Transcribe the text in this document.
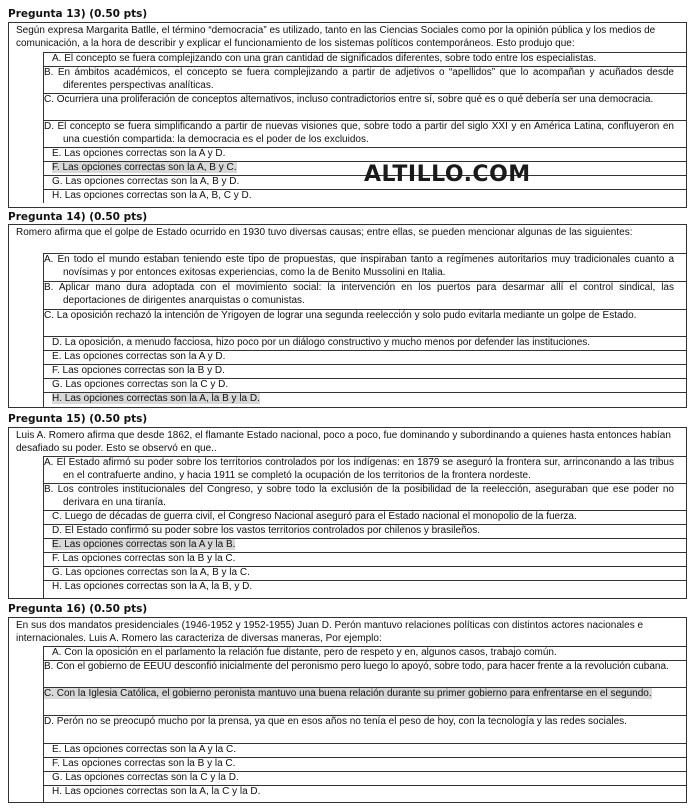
Pregunta 13) (0.50 pts)
Según expresa Margarita Batlle, el término “democracia” es utilizado, tanto en las Ciencias Sociales como por la opinión pública y los medios de comunicación, a la hora de describir y explicar el funcionamiento de los sistemas políticos contemporáneos. Esto produjo que:
A. El concepto se fuera complejizando con una gran cantidad de significados diferentes, sobre todo entre los especialistas.
B. En ámbitos académicos, el concepto se fuera complejizando a partir de adjetivos o “apellidos” que lo acompañan y acuñados desde diferentes perspectivas analíticas.
C. Ocurriera una proliferación de conceptos alternativos, incluso contradictorios entre sí, sobre qué es o qué debería ser una democracia.
D. El concepto se fuera simplificando a partir de nuevas visiones que, sobre todo a partir del siglo XXI y en América Latina, confluyeron en una cuestión compartida: la democracia es el poder de los excluidos.
E. Las opciones correctas son la A y D.
F. Las opciones correctas son la A, B y C.
G. Las opciones correctas son la A, B y D.
H. Las opciones correctas son la A, B, C y D.
ALTILLO.COM
Pregunta 14) (0.50 pts)
Romero afirma que el golpe de Estado ocurrido en 1930 tuvo diversas causas; entre ellas, se pueden mencionar algunas de las siguientes:
A. En todo el mundo estaban teniendo este tipo de propuestas, que inspiraban tanto a regímenes autoritarios muy tradicionales cuanto a novísimas y por entonces exitosas experiencias, como la de Benito Mussolini en Italia.
B. Aplicar mano dura adoptada con el movimiento social: la intervención en los puertos para desarmar allí el control sindical, las deportaciones de dirigentes anarquistas o comunistas.
C. La oposición rechazó la intención de Yrigoyen de lograr una segunda reelección y solo pudo evitarla mediante un golpe de Estado.
D. La oposición, a menudo facciosa, hizo poco por un diálogo constructivo y mucho menos por defender las instituciones.
E. Las opciones correctas son la A y D.
F. Las opciones correctas son la B y D.
G. Las opciones correctas son la C y D.
H. Las opciones correctas son la A, la B y la D.
Pregunta 15) (0.50 pts)
Luis A. Romero afirma que desde 1862, el flamante Estado nacional, poco a poco, fue dominando y subordinando a quienes hasta entonces habían desafiado su poder. Esto se observó en que..
A. El Estado afirmó su poder sobre los territorios controlados por los indígenas: en 1879 se aseguró la frontera sur, arrinconando a las tribus en el contrafuerte andino, y hacia 1911 se completó la ocupación de los territorios de la frontera nordeste.
B. Los controles institucionales del Congreso, y sobre todo la exclusión de la posibilidad de la reelección, aseguraban que ese poder no derivara en una tiranía.
C. Luego de décadas de guerra civil, el Congreso Nacional aseguró para el Estado nacional el monopolio de la fuerza.
D. El Estado confirmó su poder sobre los vastos territorios controlados por chilenos y brasileños.
E. Las opciones correctas son la A y la B.
F. Las opciones correctas son la B y la C.
G. Las opciones correctas son la A, B y la C.
H. Las opciones correctas son la A, la B, y D.
Pregunta 16) (0.50 pts)
En sus dos mandatos presidenciales (1946-1952 y 1952-1955) Juan D. Perón mantuvo relaciones políticas con distintos actores nacionales e internacionales. Luis A. Romero las caracteriza de diversas maneras, Por ejemplo:
A. Con la oposición en el parlamento la relación fue distante, pero de respeto y en, algunos casos, trabajo común.
B. Con el gobierno de EEUU desconfió inicialmente del peronismo pero luego lo apoyó, sobre todo, para hacer frente a la revolución cubana.
C. Con la Iglesia Católica, el gobierno peronista mantuvo una buena relación durante su primer gobierno para enfrentarse en el segundo.
D. Perón no se preocupó mucho por la prensa, ya que en esos años no tenía el peso de hoy, con la tecnología y las redes sociales.
E. Las opciones correctas son la A y la C.
F. Las opciones correctas son la B y la C.
G. Las opciones correctas son la C y la D.
H. Las opciones correctas son la A, la C y la D.
